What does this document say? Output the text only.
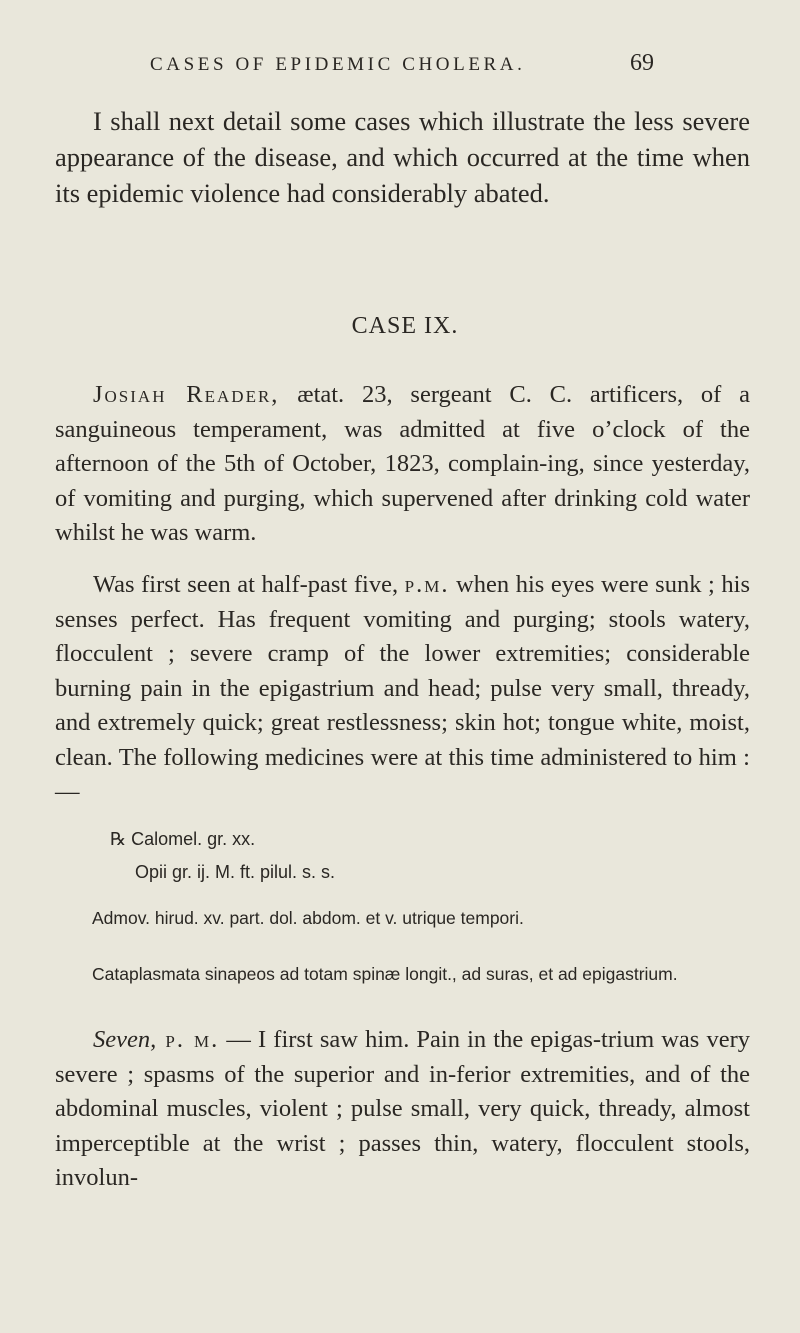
CASES OF EPIDEMIC CHOLERA.	69

I shall next detail some cases which illustrate the less severe appearance of the disease, and which occurred at the time when its epidemic violence had considerably abated.

CASE IX.

Josiah Reader, ætat. 23, sergeant C. C. artificers, of a sanguineous temperament, was admitted at five o’clock of the afternoon of the 5th of October, 1823, complain-ing, since yesterday, of vomiting and purging, which supervened after drinking cold water whilst he was warm.

Was first seen at half-past five, p.m. when his eyes were sunk ; his senses perfect. Has frequent vomiting and purging; stools watery, flocculent ; severe cramp of the lower extremities; considerable burning pain in the epigastrium and head; pulse very small, thready, and extremely quick; great restlessness; skin hot; tongue white, moist, clean. The following medicines were at this time administered to him : —

℞ Calomel. gr. xx.
Opii gr. ij. M. ft. pilul. s. s.

Admov. hirud. xv. part. dol. abdom. et v. utrique tempori.

Cataplasmata sinapeos ad totam spinæ longit., ad suras, et ad epigastrium.

Seven, p. m. — I first saw him. Pain in the epigas-trium was very severe ; spasms of the superior and in-ferior extremities, and of the abdominal muscles, violent ; pulse small, very quick, thready, almost imperceptible at the wrist ; passes thin, watery, flocculent stools, involun-
